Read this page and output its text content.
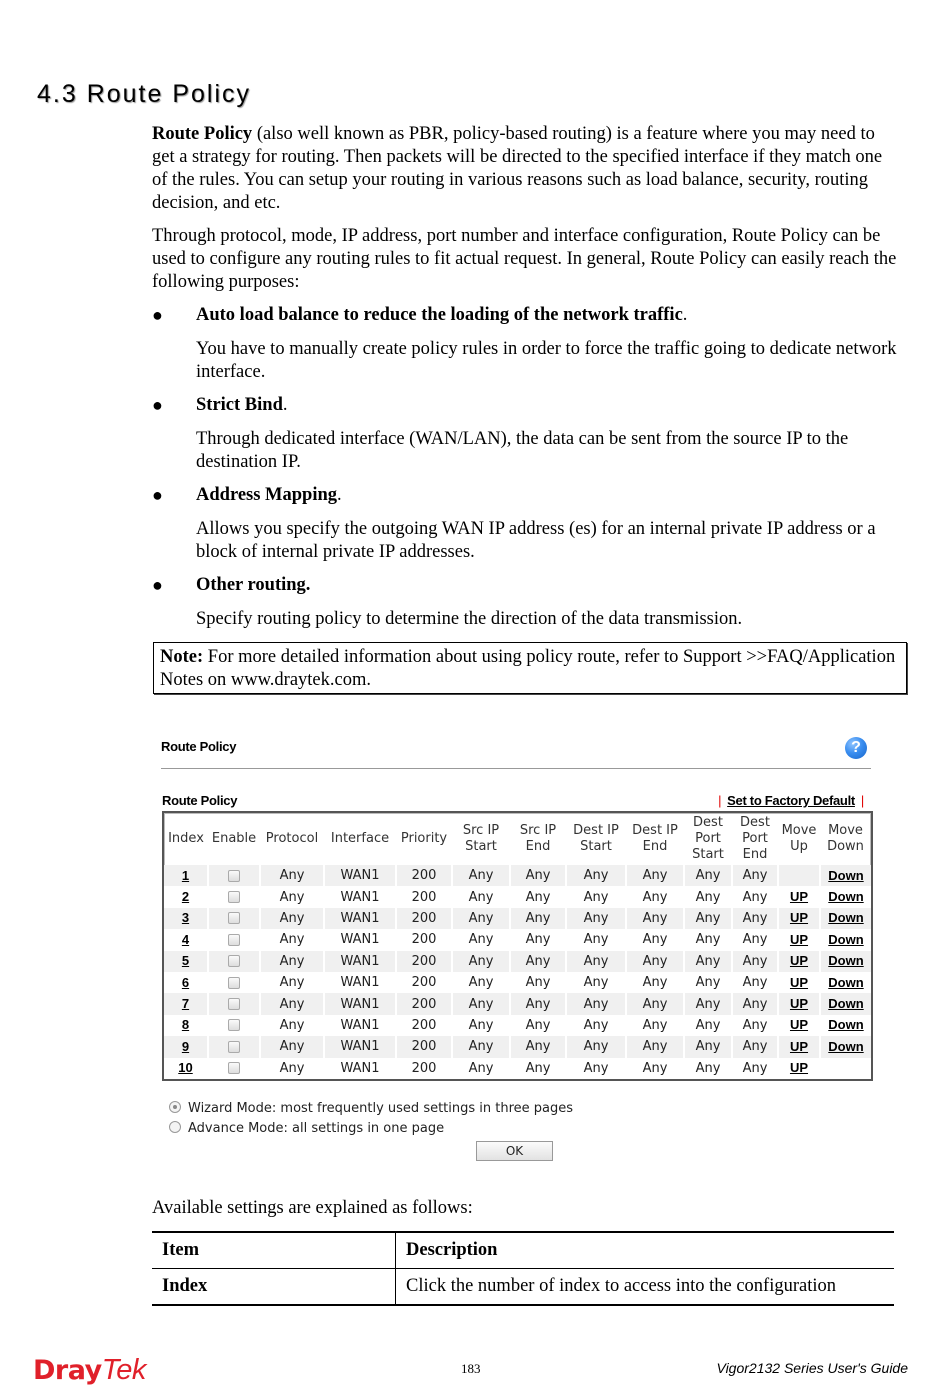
4.3 Route Policy

Route Policy (also well known as PBR, policy-based routing) is a feature where you may need to get a strategy for routing. Then packets will be directed to the specified interface if they match one of the rules. You can setup your routing in various reasons such as load balance, security, routing decision, and etc.

Through protocol, mode, IP address, port number and interface configuration, Route Policy can be used to configure any routing rules to fit actual request. In general, Route Policy can easily reach the following purposes:

● Auto load balance to reduce the loading of the network traffic.
You have to manually create policy rules in order to force the traffic going to dedicate network interface.
● Strict Bind.
Through dedicated interface (WAN/LAN), the data can be sent from the source IP to the destination IP.
● Address Mapping.
Allows you specify the outgoing WAN IP address (es) for an internal private IP address or a block of internal private IP addresses.
● Other routing.
Specify routing policy to determine the direction of the data transmission.
Note: For more detailed information about using policy route, refer to Support >>FAQ/Application Notes on www.draytek.com.
Route Policy	?
Route Policy	| Set to Factory Default |
Index	Enable	Protocol	Interface	Priority	Src IP Start	Src IP End	Dest IP Start	Dest IP End	Dest Port Start	Dest Port End	Move Up	Move Down
1		Any	WAN1	200	Any	Any	Any	Any	Any	Any		Down
2		Any	WAN1	200	Any	Any	Any	Any	Any	Any	UP	Down
3		Any	WAN1	200	Any	Any	Any	Any	Any	Any	UP	Down
4		Any	WAN1	200	Any	Any	Any	Any	Any	Any	UP	Down
5		Any	WAN1	200	Any	Any	Any	Any	Any	Any	UP	Down
6		Any	WAN1	200	Any	Any	Any	Any	Any	Any	UP	Down
7		Any	WAN1	200	Any	Any	Any	Any	Any	Any	UP	Down
8		Any	WAN1	200	Any	Any	Any	Any	Any	Any	UP	Down
9		Any	WAN1	200	Any	Any	Any	Any	Any	Any	UP	Down
10		Any	WAN1	200	Any	Any	Any	Any	Any	Any	UP	
Wizard Mode: most frequently used settings in three pages
Advance Mode: all settings in one page
OK
Available settings are explained as follows:
Item	Description
Index	Click the number of index to access into the configuration
DrayTek	183	Vigor2132 Series User's Guide
